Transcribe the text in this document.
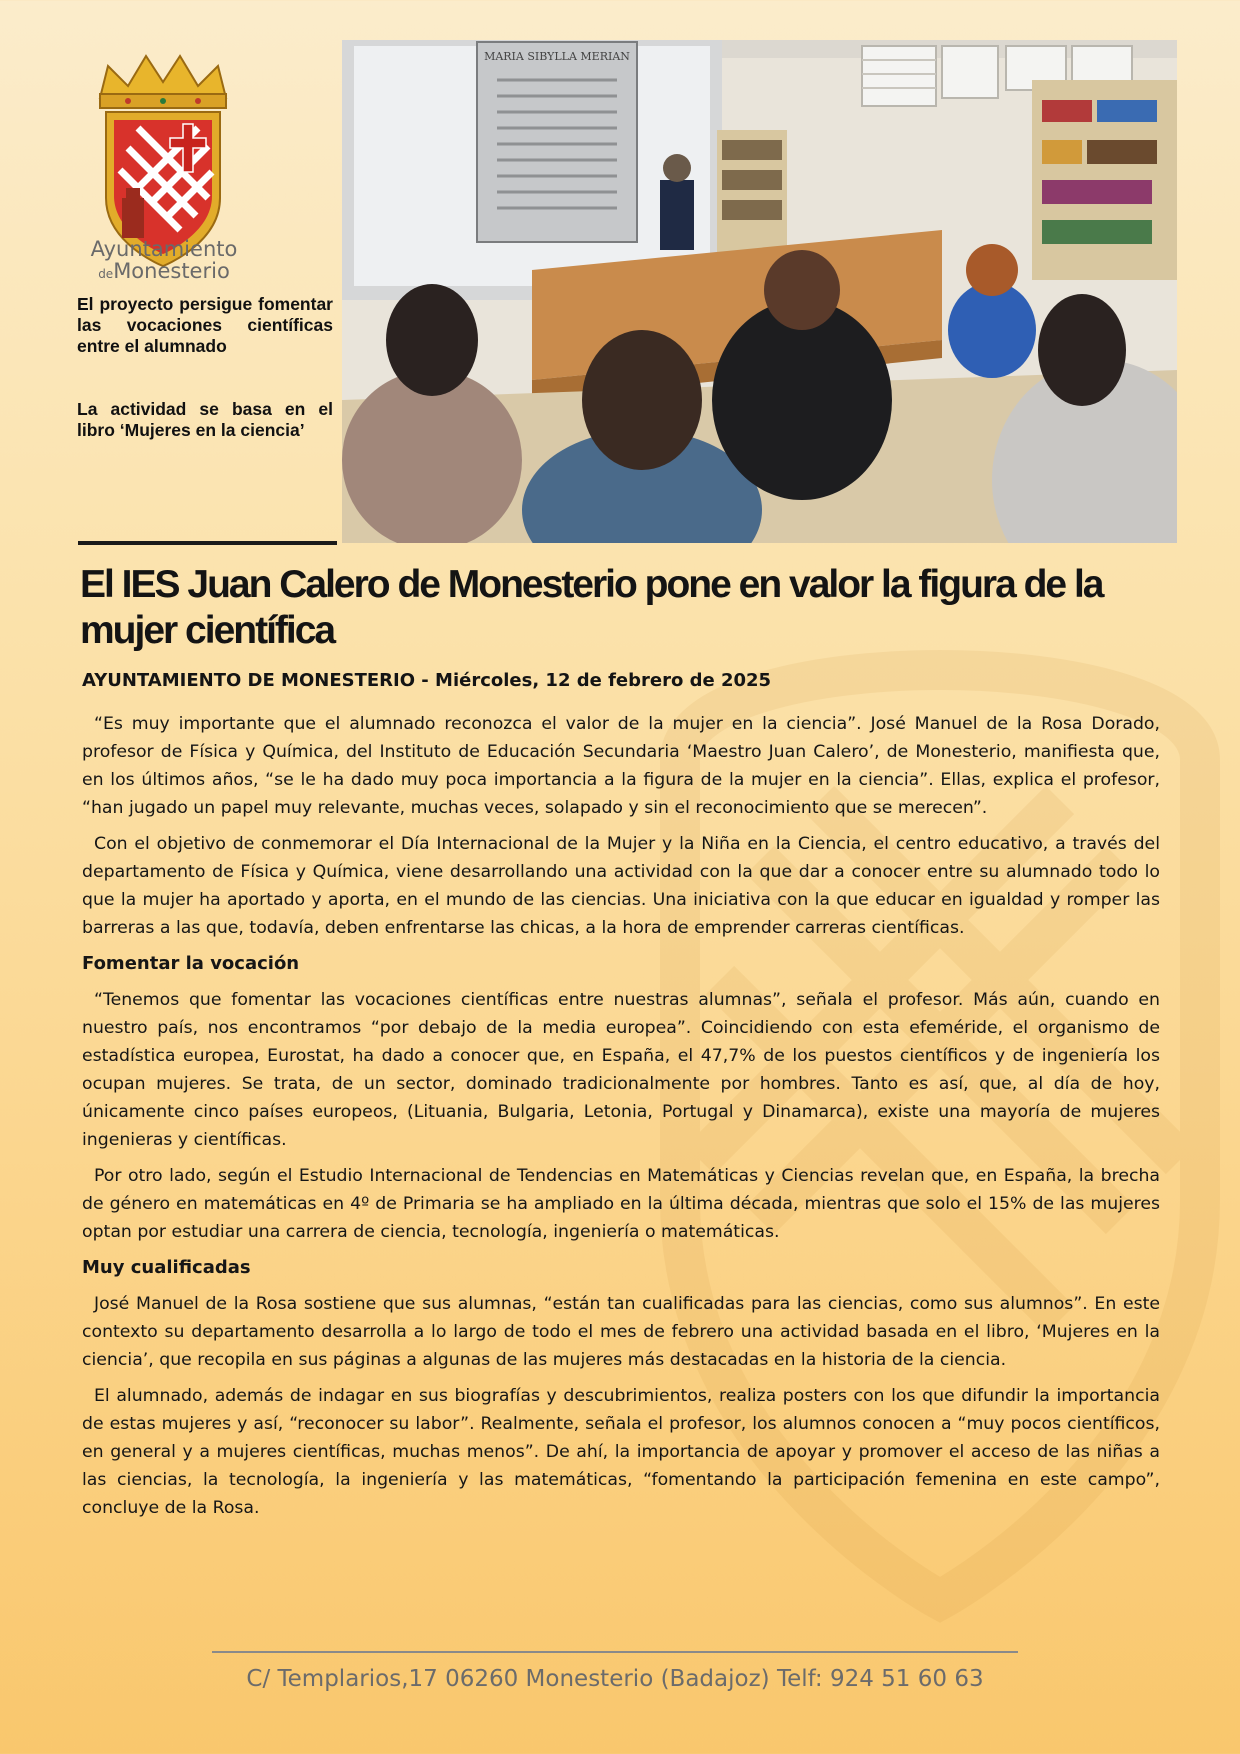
Ayuntamiento
deMonesterio
El proyecto persigue fomentar las vocaciones científicas entre el alumnado
La actividad se basa en el libro ‘Mujeres en la ciencia’
MARIA SIBYLLA MERIAN
El IES Juan Calero de Monesterio pone en valor la figura de la mujer científica

AYUNTAMIENTO DE MONESTERIO - Miércoles, 12 de febrero de 2025

“Es muy importante que el alumnado reconozca el valor de la mujer en la ciencia”. José Manuel de la Rosa Dorado, profesor de Física y Química, del Instituto de Educación Secundaria ‘Maestro Juan Calero’, de Monesterio, manifiesta que, en los últimos años, “se le ha dado muy poca importancia a la figura de la mujer en la ciencia”. Ellas, explica el profesor, “han jugado un papel muy relevante, muchas veces, solapado y sin el reconocimiento que se merecen”.

Con el objetivo de conmemorar el Día Internacional de la Mujer y la Niña en la Ciencia, el centro educativo, a través del departamento de Física y Química, viene desarrollando una actividad con la que dar a conocer entre su alumnado todo lo que la mujer ha aportado y aporta, en el mundo de las ciencias. Una iniciativa con la que educar en igualdad y romper las barreras a las que, todavía, deben enfrentarse las chicas, a la hora de emprender carreras científicas.

Fomentar la vocación

“Tenemos que fomentar las vocaciones científicas entre nuestras alumnas”, señala el profesor. Más aún, cuando en nuestro país, nos encontramos “por debajo de la media europea”. Coincidiendo con esta efeméride, el organismo de estadística europea, Eurostat, ha dado a conocer que, en España, el 47,7% de los puestos científicos y de ingeniería los ocupan mujeres. Se trata, de un sector, dominado tradicionalmente por hombres. Tanto es así, que, al día de hoy, únicamente cinco países europeos, (Lituania, Bulgaria, Letonia, Portugal y Dinamarca), existe una mayoría de mujeres ingenieras y científicas.

Por otro lado, según el Estudio Internacional de Tendencias en Matemáticas y Ciencias revelan que, en España, la brecha de género en matemáticas en 4º de Primaria se ha ampliado en la última década, mientras que solo el 15% de las mujeres optan por estudiar una carrera de ciencia, tecnología, ingeniería o matemáticas.

Muy cualificadas

José Manuel de la Rosa sostiene que sus alumnas, “están tan cualificadas para las ciencias, como sus alumnos”. En este contexto su departamento desarrolla a lo largo de todo el mes de febrero una actividad basada en el libro, ‘Mujeres en la ciencia’, que recopila en sus páginas a algunas de las mujeres más destacadas en la historia de la ciencia.

El alumnado, además de indagar en sus biografías y descubrimientos, realiza posters con los que difundir la importancia de estas mujeres y así, “reconocer su labor”. Realmente, señala el profesor, los alumnos conocen a “muy pocos científicos, en general y a mujeres científicas, muchas menos”. De ahí, la importancia de apoyar y promover el acceso de las niñas a las ciencias, la tecnología, la ingeniería y las matemáticas, “fomentando la participación femenina en este campo”, concluye de la Rosa.

C/ Templarios,17 06260 Monesterio (Badajoz) Telf: 924 51 60 63
